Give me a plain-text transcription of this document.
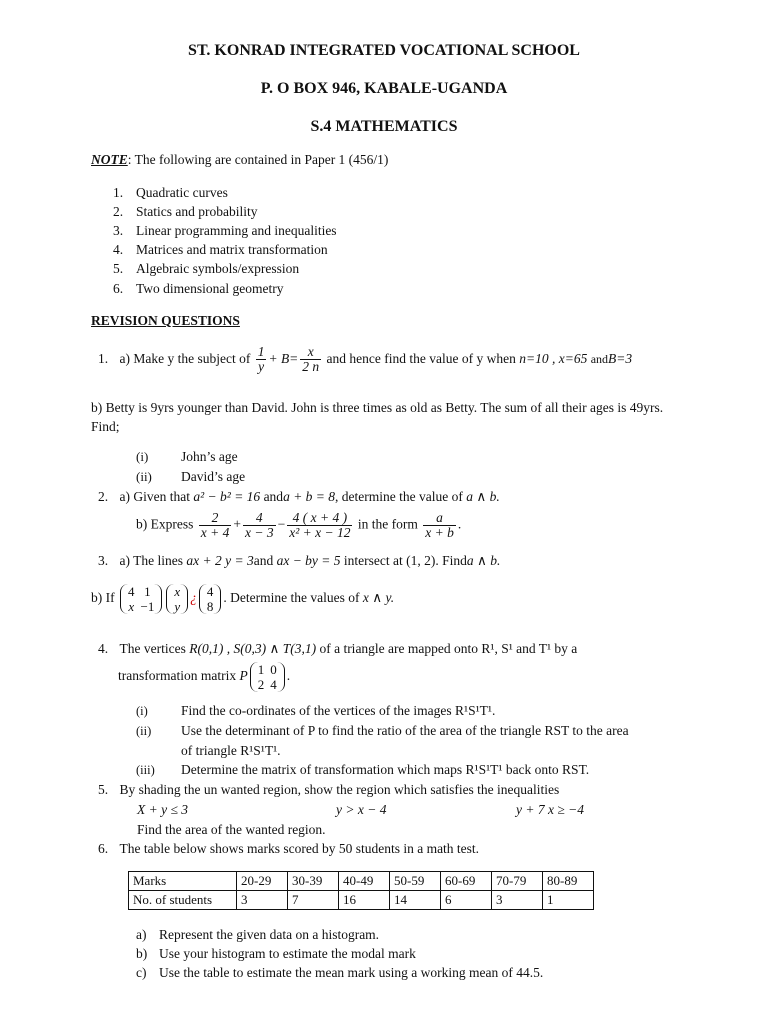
ST. KONRAD INTEGRATED VOCATIONAL SCHOOL
P. O BOX 946, KABALE-UGANDA
S.4 MATHEMATICS
NOTE: The following are contained in Paper 1 (456/1)
1. Quadratic curves
2. Statics and probability
3. Linear programming and inequalities
4. Matrices and matrix transformation
5. Algebraic symbols/expression
6. Two dimensional geometry
REVISION QUESTIONS
1. a) Make y the subject of $\frac{1}{y} + B= \frac{x}{2 n}$ and hence find the value of y when n=10 , x=65 andB=3
b) Betty is 9yrs younger than David. John is three times as old as Betty. The sum of all their ages is 49yrs. Find;
(i) John’s age
(ii) David’s age
2. a) Given that a² − b² = 16 anda + b = 8, determine the value of a ∧ b.
b) Express $\frac{2}{x + 4} + \frac{4}{x - 3} - \frac{4 ( x + 4 )}{\text{x² + x − 12}}$ in the form $\frac{a}{x + b}$ .
3. a) The lines ax + 2 y = 3and ax − by = 5 intersect at (1, 2). Finda ∧ b.
b) If 4	1
x	−1
x
y
¿ 4
8
. Determine the values of x ∧ y.
4. The vertices R(0,1) , S(0,3) ∧ T(3,1) of a triangle are mapped onto R¹, S¹ and T¹ by a
transformation matrix P 1	0
2	4
.
(i) Find the co-ordinates of the vertices of the images R¹S¹T¹.
(ii) Use the determinant of P to find the ratio of the area of the triangle RST to the area
of triangle R¹S¹T¹.
(iii) Determine the matrix of transformation which maps R¹S¹T¹ back onto RST.
5. By shading the un wanted region, show the region which satisfies the inequalities
X + y ≤ 3	y > x − 4	y + 7 x ≥ −4
Find the area of the wanted region.
6. The table below shows marks scored by 50 students in a math test.
Marks	20-29	30-39	40-49	50-59	60-69	70-79	80-89
No. of students	3	7	16	14	6	3	1
a) Represent the given data on a histogram.
b) Use your histogram to estimate the modal mark
c) Use the table to estimate the mean mark using a working mean of 44.5.
